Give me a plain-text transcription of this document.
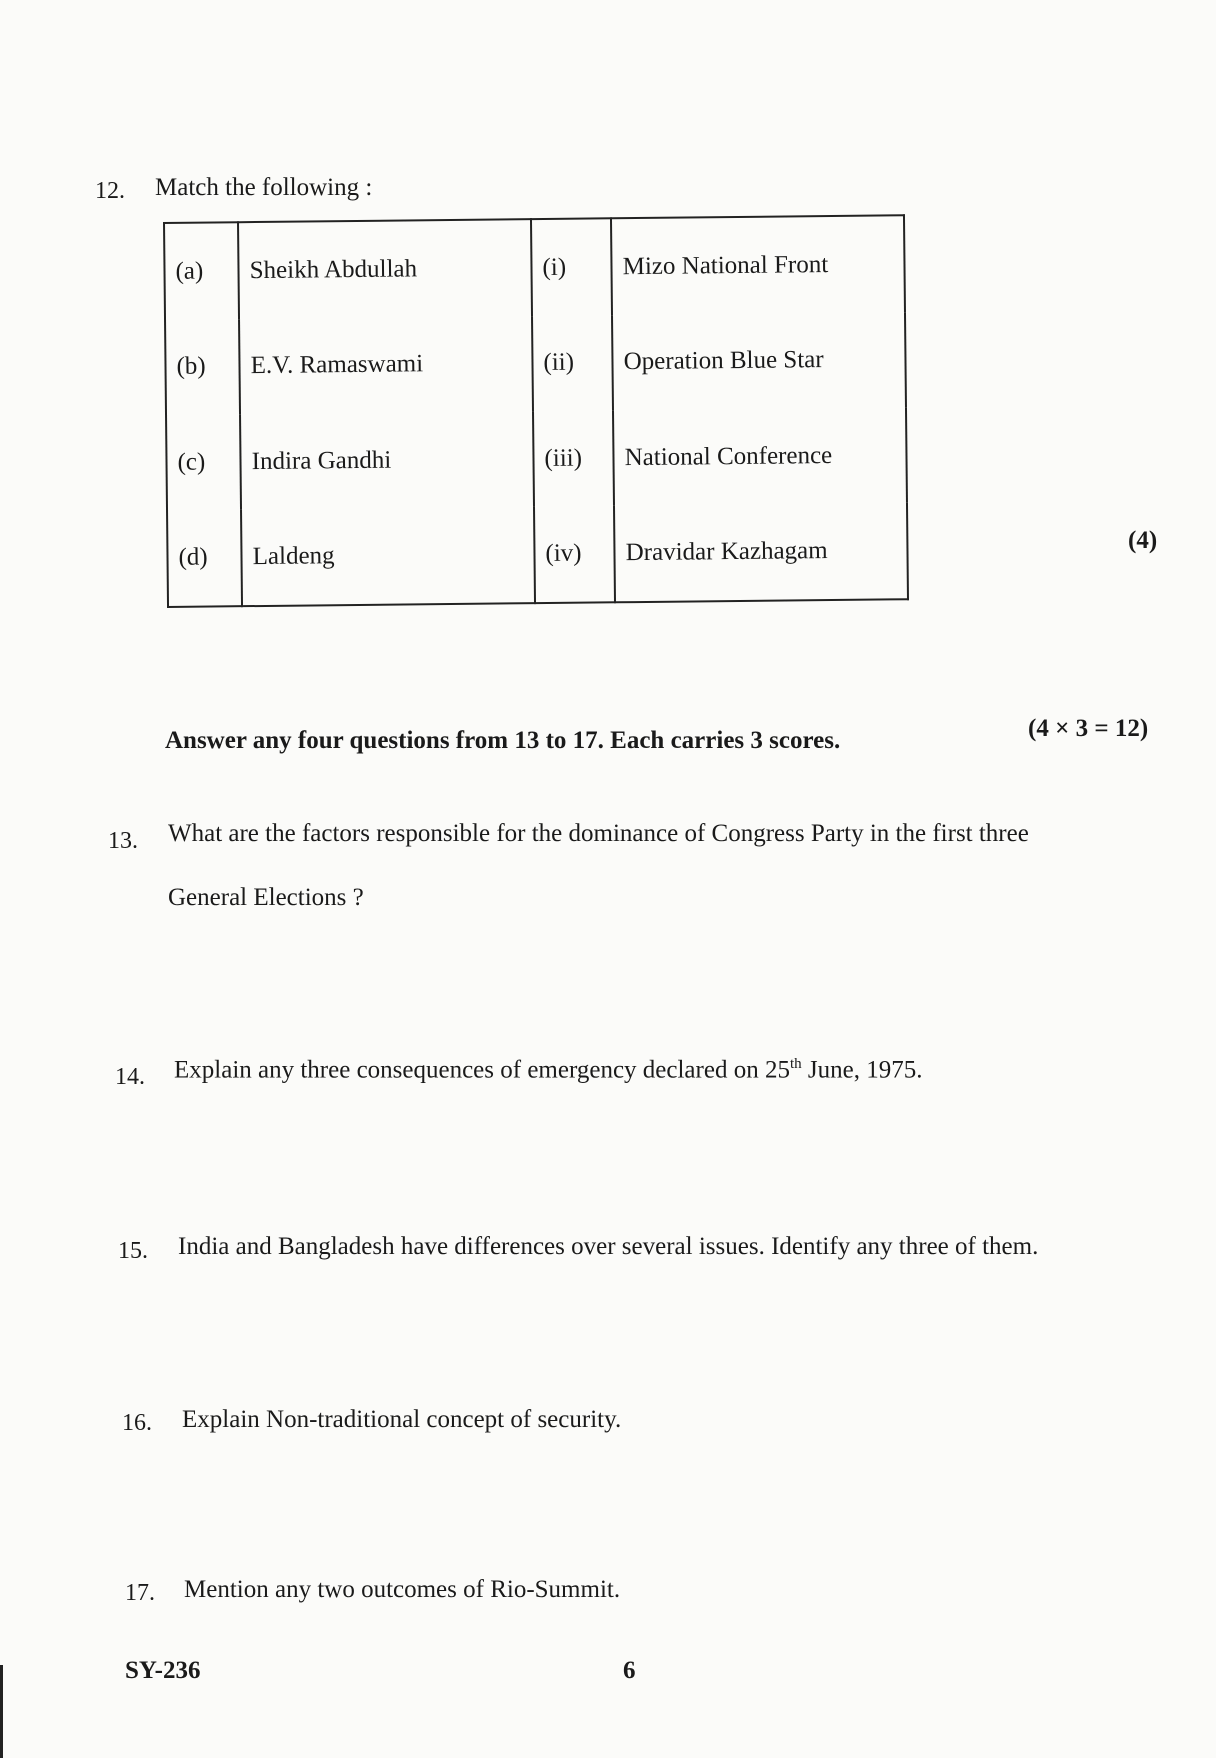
12. Match the following :
(a)	Sheikh Abdullah	(i)	Mizo National Front
(b)	E.V. Ramaswami	(ii)	Operation Blue Star
(c)	Indira Gandhi	(iii)	National Conference
(d)	Laldeng	(iv)	Dravidar Kazhagam	(4)
Answer any four questions from 13 to 17. Each carries 3 scores.	(4 × 3 = 12)
13. What are the factors responsible for the dominance of Congress Party in the first three
General Elections ?
14. Explain any three consequences of emergency declared on 25th June, 1975.
15. India and Bangladesh have differences over several issues. Identify any three of them.
16. Explain Non-traditional concept of security.
17. Mention any two outcomes of Rio-Summit.
SY-236	6
